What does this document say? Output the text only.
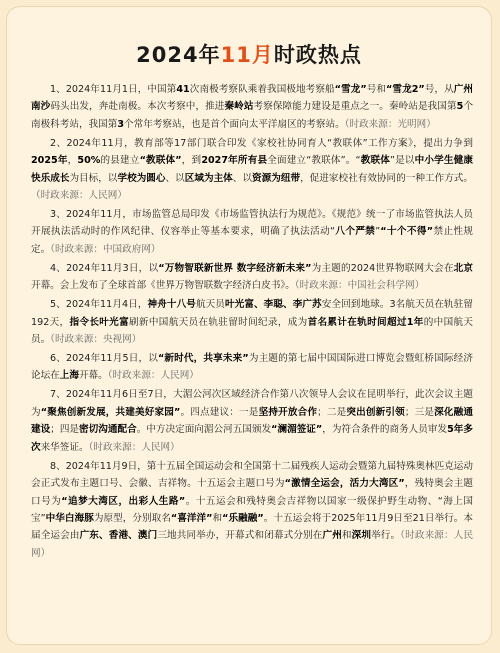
2024年11月时政热点

1、2024年11月1日，中国第41次南极考察队乘着我国极地考察船“雪龙”号和“雪龙2”号，从广州南沙码头出发，奔赴南极。本次考察中，推进秦岭站考察保障能力建设是重点之一。秦岭站是我国第5个南极科考站，我国第3个常年考察站，也是首个面向太平洋扇区的考察站。（时政来源：光明网）

2、2024年11月，教育部等17部门联合印发《家校社协同育人“教联体”工作方案》，提出力争到2025年，50%的县建立“教联体”，到2027年所有县全面建立“教联体”。“教联体”是以中小学生健康快乐成长为目标，以学校为圆心、以区域为主体、以资源为纽带，促进家校社有效协同的一种工作方式。（时政来源：人民网）

3、2024年11月，市场监管总局印发《市场监管执法行为规范》。《规范》统一了市场监管执法人员开展执法活动时的作风纪律、仪容举止等基本要求，明确了执法活动“八个严禁”“十个不得”禁止性规定。（时政来源：中国政府网）

4、2024年11月3日，以“万物智联新世界 数字经济新未来”为主题的2024世界物联网大会在北京开幕。会上发布了全球首部《世界万物智联数字经济白皮书》。（时政来源：中国社会科学网）

5、2024年11月4日，神舟十八号航天员叶光富、李聪、李广苏安全回到地球。3名航天员在轨驻留192天，指令长叶光富刷新中国航天员在轨驻留时间纪录，成为首名累计在轨时间超过1年的中国航天员。（时政来源：央视网）

6、2024年11月5日，以“新时代，共享未来”为主题的第七届中国国际进口博览会暨虹桥国际经济论坛在上海开幕。（时政来源：人民网）

7、2024年11月6日至7日，大湄公河次区域经济合作第八次领导人会议在昆明举行，此次会议主题为“聚焦创新发展，共建美好家园”。四点建议：一是坚持开放合作；二是突出创新引领；三是深化融通建设；四是密切沟通配合。中方决定面向湄公河五国颁发“澜湄签证”，为符合条件的商务人员审发5年多次来华签证。（时政来源：人民网）

8、2024年11月9日，第十五届全国运动会和全国第十二届残疾人运动会暨第九届特殊奥林匹克运动会正式发布主题口号、会徽、吉祥物。十五运会主题口号为“激情全运会，活力大湾区”，残特奥会主题口号为“追梦大湾区，出彩人生路”。十五运会和残特奥会吉祥物以国家一级保护野生动物、“海上国宝”中华白海豚为原型，分别取名“喜洋洋”和“乐融融”。十五运会将于2025年11月9日至21日举行。本届全运会由广东、香港、澳门三地共同举办，开幕式和闭幕式分别在广州和深圳举行。（时政来源：人民网）
